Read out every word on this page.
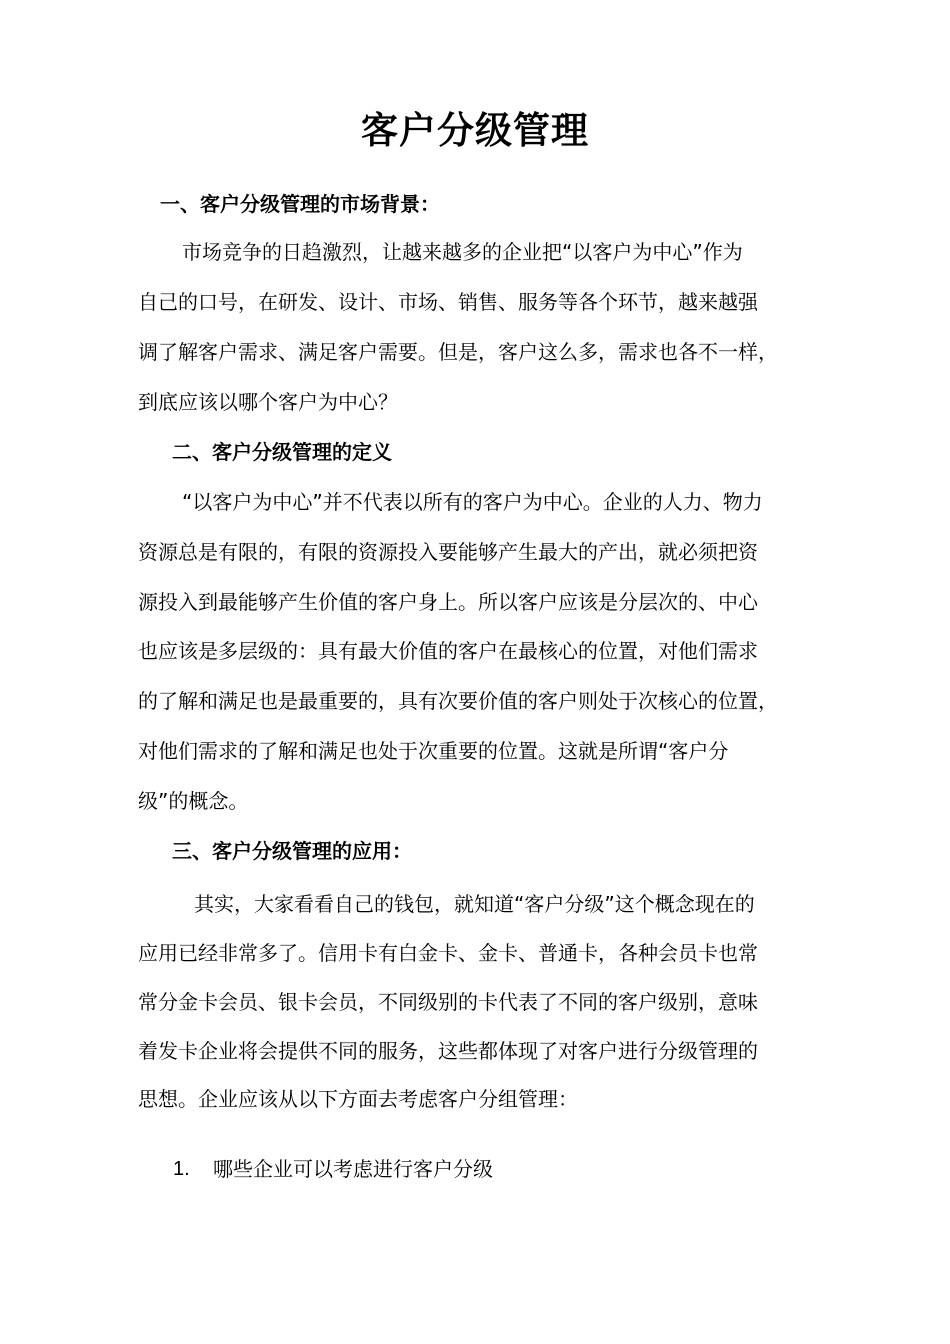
客户分级管理
一、客户分级管理的市场背景：
市场竞争的日趋激烈，让越来越多的企业把“以客户为中心”作为
自己的口号，在研发、设计、市场、销售、服务等各个环节，越来越强
调了解客户需求、满足客户需要。但是，客户这么多，需求也各不一样，
到底应该以哪个客户为中心？
二、客户分级管理的定义
“以客户为中心”并不代表以所有的客户为中心。企业的人力、物力
资源总是有限的，有限的资源投入要能够产生最大的产出，就必须把资
源投入到最能够产生价值的客户身上。所以客户应该是分层次的、中心
也应该是多层级的：具有最大价值的客户在最核心的位置，对他们需求
的了解和满足也是最重要的，具有次要价值的客户则处于次核心的位置，
对他们需求的了解和满足也处于次重要的位置。这就是所谓“客户分
级”的概念。
三、客户分级管理的应用：
其实，大家看看自己的钱包，就知道“客户分级”这个概念现在的
应用已经非常多了。信用卡有白金卡、金卡、普通卡，各种会员卡也常
常分金卡会员、银卡会员，不同级别的卡代表了不同的客户级别，意味
着发卡企业将会提供不同的服务，这些都体现了对客户进行分级管理的
思想。企业应该从以下方面去考虑客户分组管理：
1. 哪些企业可以考虑进行客户分级
